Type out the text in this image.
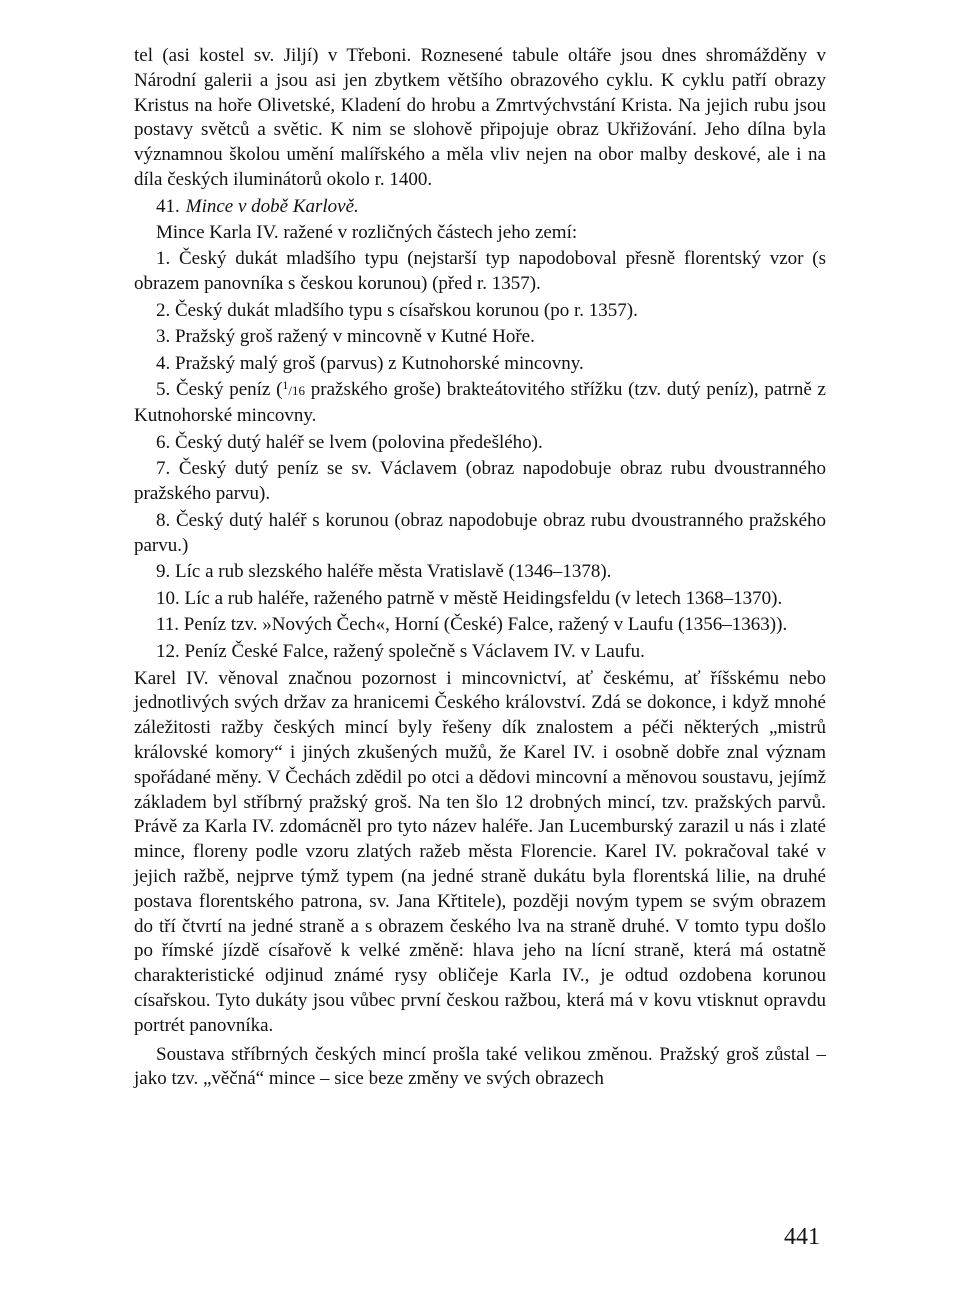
tel (asi kostel sv. Jiljí) v Třeboni. Roznesené tabule oltáře jsou dnes shromážděny v Národní galerii a jsou asi jen zbytkem většího obrazového cyklu. K cyklu patří obrazy Kristus na hoře Olivetské, Kladení do hrobu a Zmrtvýchvstání Krista. Na jejich rubu jsou postavy světců a světic. K nim se slohově připojuje obraz Ukřižování. Jeho dílna byla významnou školou umění malířského a měla vliv nejen na obor malby deskové, ale i na díla českých iluminátorů okolo r. 1400.

41. Mince v době Karlově.

Mince Karla IV. ražené v rozličných částech jeho zemí:

1. Český dukát mladšího typu (nejstarší typ napodoboval přesně florentský vzor (s obrazem panovníka s českou korunou) (před r. 1357).

2. Český dukát mladšího typu s císařskou korunou (po r. 1357).

3. Pražský groš ražený v mincovně v Kutné Hoře.

4. Pražský malý groš (parvus) z Kutnohorské mincovny.

5. Český peníz ($^1$/16 pražského groše) brakteátovitého střížku (tzv. dutý peníz), patrně z Kutnohorské mincovny.

6. Český dutý haléř se lvem (polovina předešlého).

7. Český dutý peníz se sv. Václavem (obraz napodobuje obraz rubu dvoustranného pražského parvu).

8. Český dutý haléř s korunou (obraz napodobuje obraz rubu dvoustranného pražského parvu.)

9. Líc a rub slezského haléře města Vratislavě (1346–1378).

10. Líc a rub haléře, raženého patrně v městě Heidingsfeldu (v letech 1368–1370).

11. Peníz tzv. »Nových Čech«, Horní (České) Falce, ražený v Laufu (1356–1363)).

12. Peníz České Falce, ražený společně s Václavem IV. v Laufu.

Karel IV. věnoval značnou pozornost i mincovnictví, ať českému, ať říšskému nebo jednotlivých svých držav za hranicemi Českého království. Zdá se dokonce, i když mnohé záležitosti ražby českých mincí byly řešeny dík znalostem a péči některých „mistrů královské komory“ i jiných zkušených mužů, že Karel IV. i osobně dobře znal význam spořádané měny. V Čechách zdědil po otci a dědovi mincovní a měnovou soustavu, jejímž základem byl stříbrný pražský groš. Na ten šlo 12 drobných mincí, tzv. pražských parvů. Právě za Karla IV. zdomácněl pro tyto název haléře. Jan Lucemburský zarazil u nás i zlaté mince, floreny podle vzoru zlatých ražeb města Florencie. Karel IV. pokračoval také v jejich ražbě, nejprve týmž typem (na jedné straně dukátu byla florentská lilie, na druhé postava florentského patrona, sv. Jana Křtitele), později novým typem se svým obrazem do tří čtvrtí na jedné straně a s obrazem českého lva na straně druhé. V tomto typu došlo po římské jízdě císařově k velké změně: hlava jeho na lícní straně, která má ostatně charakteristické odjinud známé rysy obličeje Karla IV., je odtud ozdobena korunou císařskou. Tyto dukáty jsou vůbec první českou ražbou, která má v kovu vtisknut opravdu portrét panovníka.

Soustava stříbrných českých mincí prošla také velikou změnou. Pražský groš zůstal – jako tzv. „věčná“ mince – sice beze změny ve svých obrazech

441
